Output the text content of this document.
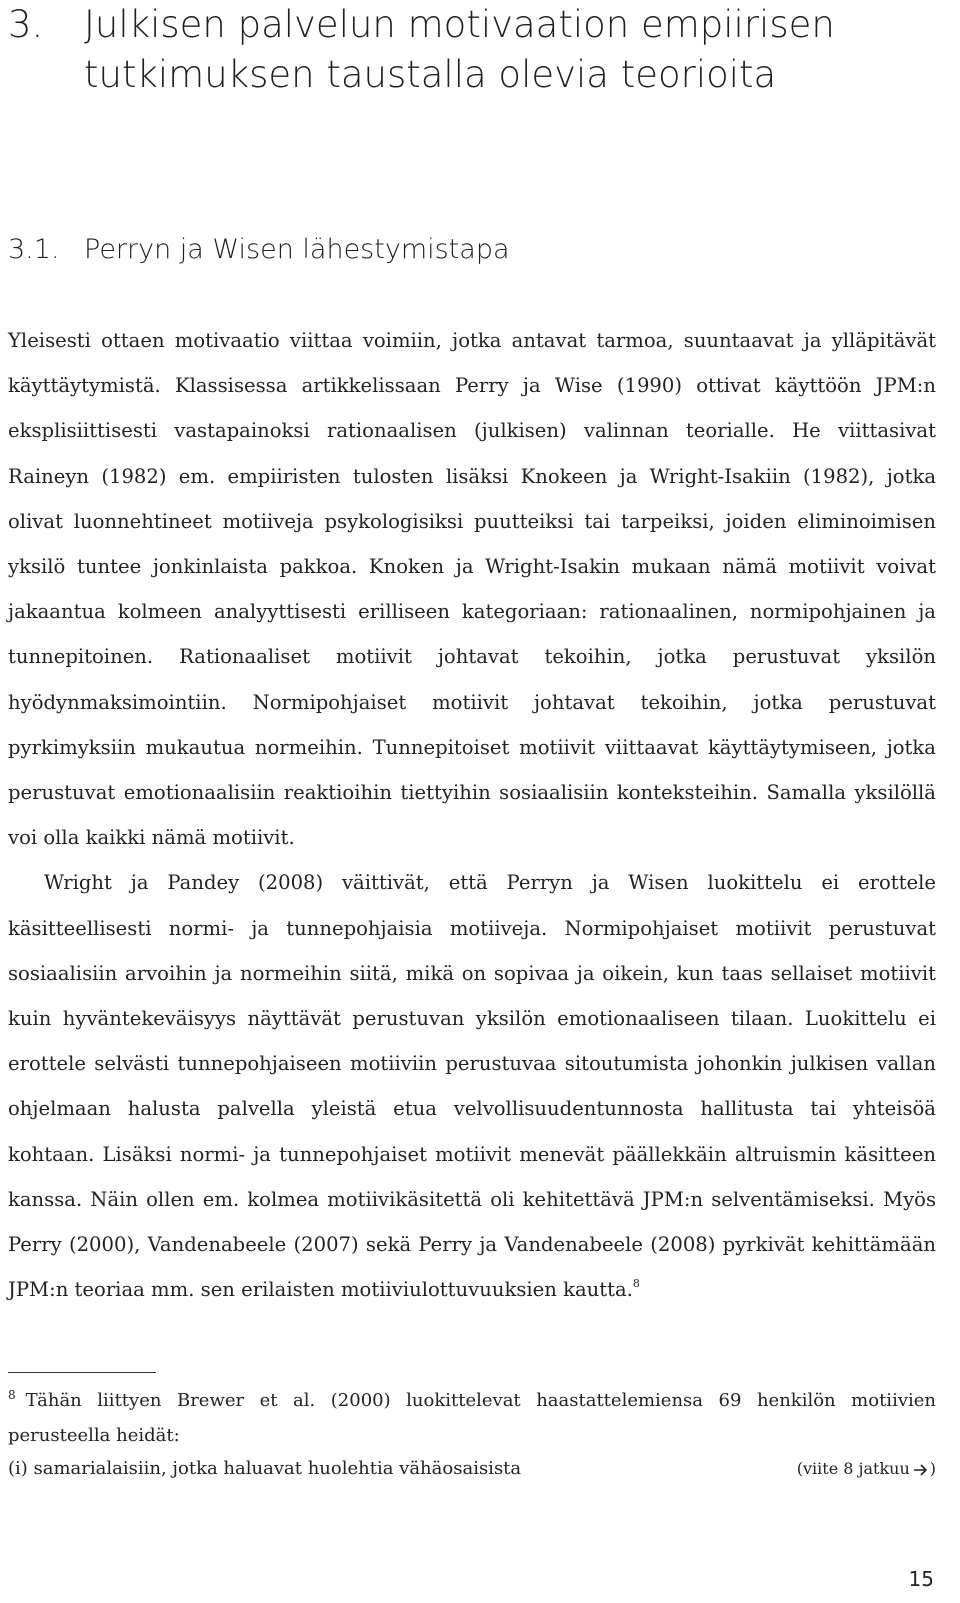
3. Julkisen palvelun motivaation empiirisen tutkimuksen taustalla olevia teorioita
3.1. Perryn ja Wisen lähestymistapa

Yleisesti ottaen motivaatio viittaa voimiin, jotka antavat tarmoa, suuntaavat ja ylläpitävät käyttäytymistä. Klassisessa artikkelissaan Perry ja Wise (1990) ottivat käyttöön JPM:n eksplisiittisesti vastapainoksi rationaalisen (julkisen) valinnan teorialle. He viittasivat Raineyn (1982) em. empiiristen tulosten lisäksi Knokeen ja Wright-Isakiin (1982), jotka olivat luonnehtineet motiiveja psykologisiksi puutteiksi tai tarpeiksi, joiden eliminoimisen yksilö tuntee jonkinlaista pakkoa. Knoken ja Wright-Isakin mukaan nämä motiivit voivat jakaantua kolmeen analyyttisesti erilliseen kategoriaan: rationaalinen, normipohjainen ja tunnepitoinen. Rationaaliset motiivit johtavat tekoihin, jotka perustuvat yksilön hyödynmaksimointiin. Normipohjaiset motiivit johtavat tekoihin, jotka perustuvat pyrkimyksiin mukautua normeihin. Tunnepitoiset motiivit viittaavat käyttäytymiseen, jotka perustuvat emotionaalisiin reaktioihin tiettyihin sosiaalisiin konteksteihin. Samalla yksilöllä voi olla kaikki nämä motiivit.

Wright ja Pandey (2008) väittivät, että Perryn ja Wisen luokittelu ei erottele käsitteellisesti normi- ja tunnepohjaisia motiiveja. Normipohjaiset motiivit perustuvat sosiaalisiin arvoihin ja normeihin siitä, mikä on sopivaa ja oikein, kun taas sellaiset motiivit kuin hyväntekeväisyys näyttävät perustuvan yksilön emotionaaliseen tilaan. Luokittelu ei erottele selvästi tunnepohjaiseen motiiviin perustuvaa sitoutumista johonkin julkisen vallan ohjelmaan halusta palvella yleistä etua velvollisuudentunnosta hallitusta tai yhteisöä kohtaan. Lisäksi normi- ja tunnepohjaiset motiivit menevät päällekkäin altruismin käsitteen kanssa. Näin ollen em. kolmea motiivikäsitettä oli kehitettävä JPM:n selventämiseksi. Myös Perry (2000), Vandenabeele (2007) sekä Perry ja Vandenabeele (2008) pyrkivät kehittämään JPM:n teoriaa mm. sen erilaisten motiiviulottuvuuksien kautta.$^8$

$^8$ Tähän liittyen Brewer et al. (2000) luokittelevat haastattelemiensa 69 henkilön motiivien perusteella heidät:

(i) samarialaisiin, jotka haluavat huolehtia vähäosaisista	(viite 8 jatkuu )
15
